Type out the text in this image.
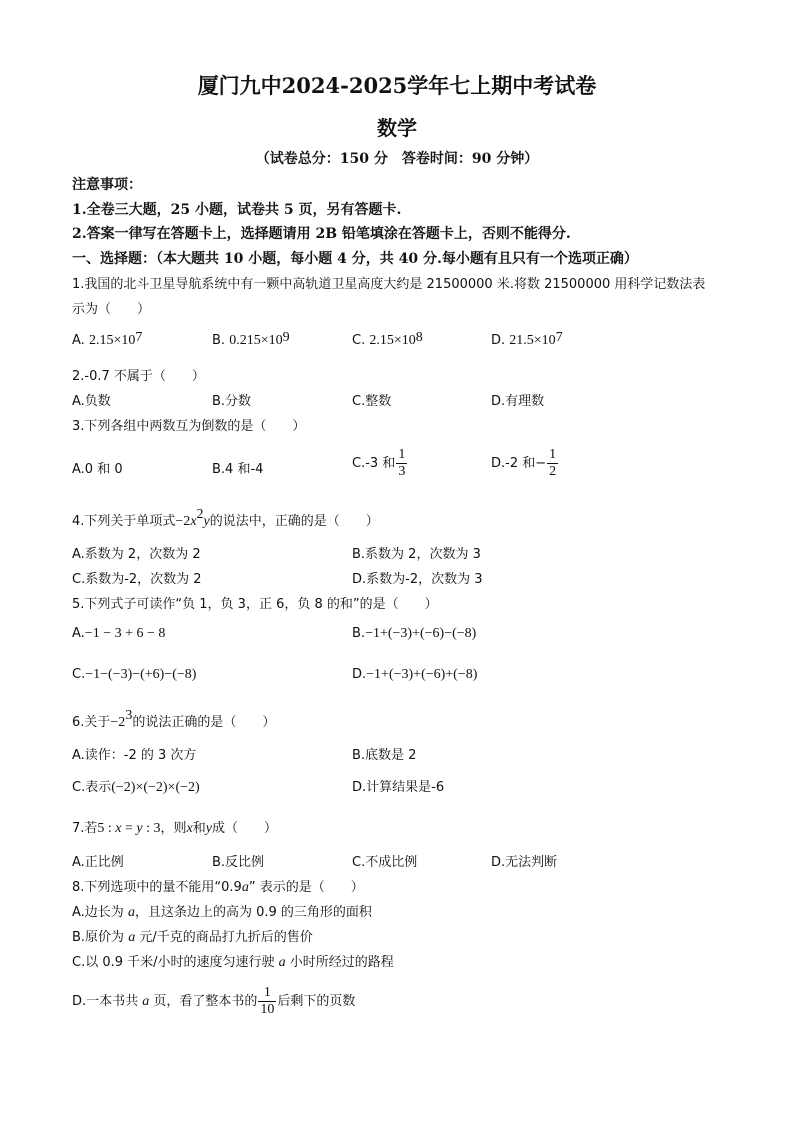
厦门九中2024-2025学年七上期中考试卷
数学
（试卷总分：150 分　答卷时间：90 分钟）
注意事项：
1.全卷三大题，25 小题，试卷共 5 页，另有答题卡.
2.答案一律写在答题卡上，选择题请用 2B 铅笔填涂在答题卡上，否则不能得分.
一、选择题：（本大题共 10 小题，每小题 4 分，共 40 分.每小题有且只有一个选项正确）
1.我国的北斗卫星导航系统中有一颗中高轨道卫星高度大约是 21500000 米.将数 21500000 用科学记数法表
示为（　　）
A. $2.15\times 10^7$	B. $0.215\times 10^9$	C. $2.15\times 10^8$	D. $21.5\times 10^7$
2.-0.7 不属于（　　）
A.负数	B.分数	C.整数	D.有理数
3.下列各组中两数互为倒数的是（　　）
A.0 和 0	B.4 和-4	C.-3 和 $\frac{1}{3}$	D.-2 和− $\frac{1}{2}$
4.下列关于单项式$-2x^2y$的说法中，正确的是（　　）
A.系数为 2，次数为 2	B.系数为 2，次数为 3
C.系数为-2，次数为 2	D.系数为-2，次数为 3
5.下列式子可读作“负 1，负 3，正 6，负 8 的和”的是（　　）
A.−1 − 3 + 6 − 8	B.−1+(−3)+(−6)−(−8)
C.−1−(−3)−(+6)−(−8)	D.−1+(−3)+(−6)+(−8)
6.关于$-2^3$的说法正确的是（　　）
A.读作：-2 的 3 次方	B.底数是 2
C.表示(−2)×(−2)×(−2)	D.计算结果是-6
7.若5 : x = y : 3，则x和y成（　　）
A.正比例	B.反比例	C.不成比例	D.无法判断
8.下列选项中的量不能用“0.9a” 表示的是（　　）
A.边长为 a，且这条边上的高为 0.9 的三角形的面积
B.原价为 a 元/千克的商品打九折后的售价
C.以 0.9 千米/小时的速度匀速行驶 a 小时所经过的路程
D.一本书共 a 页，看了整本书的 $\frac{1}{10}$ 后剩下的页数
